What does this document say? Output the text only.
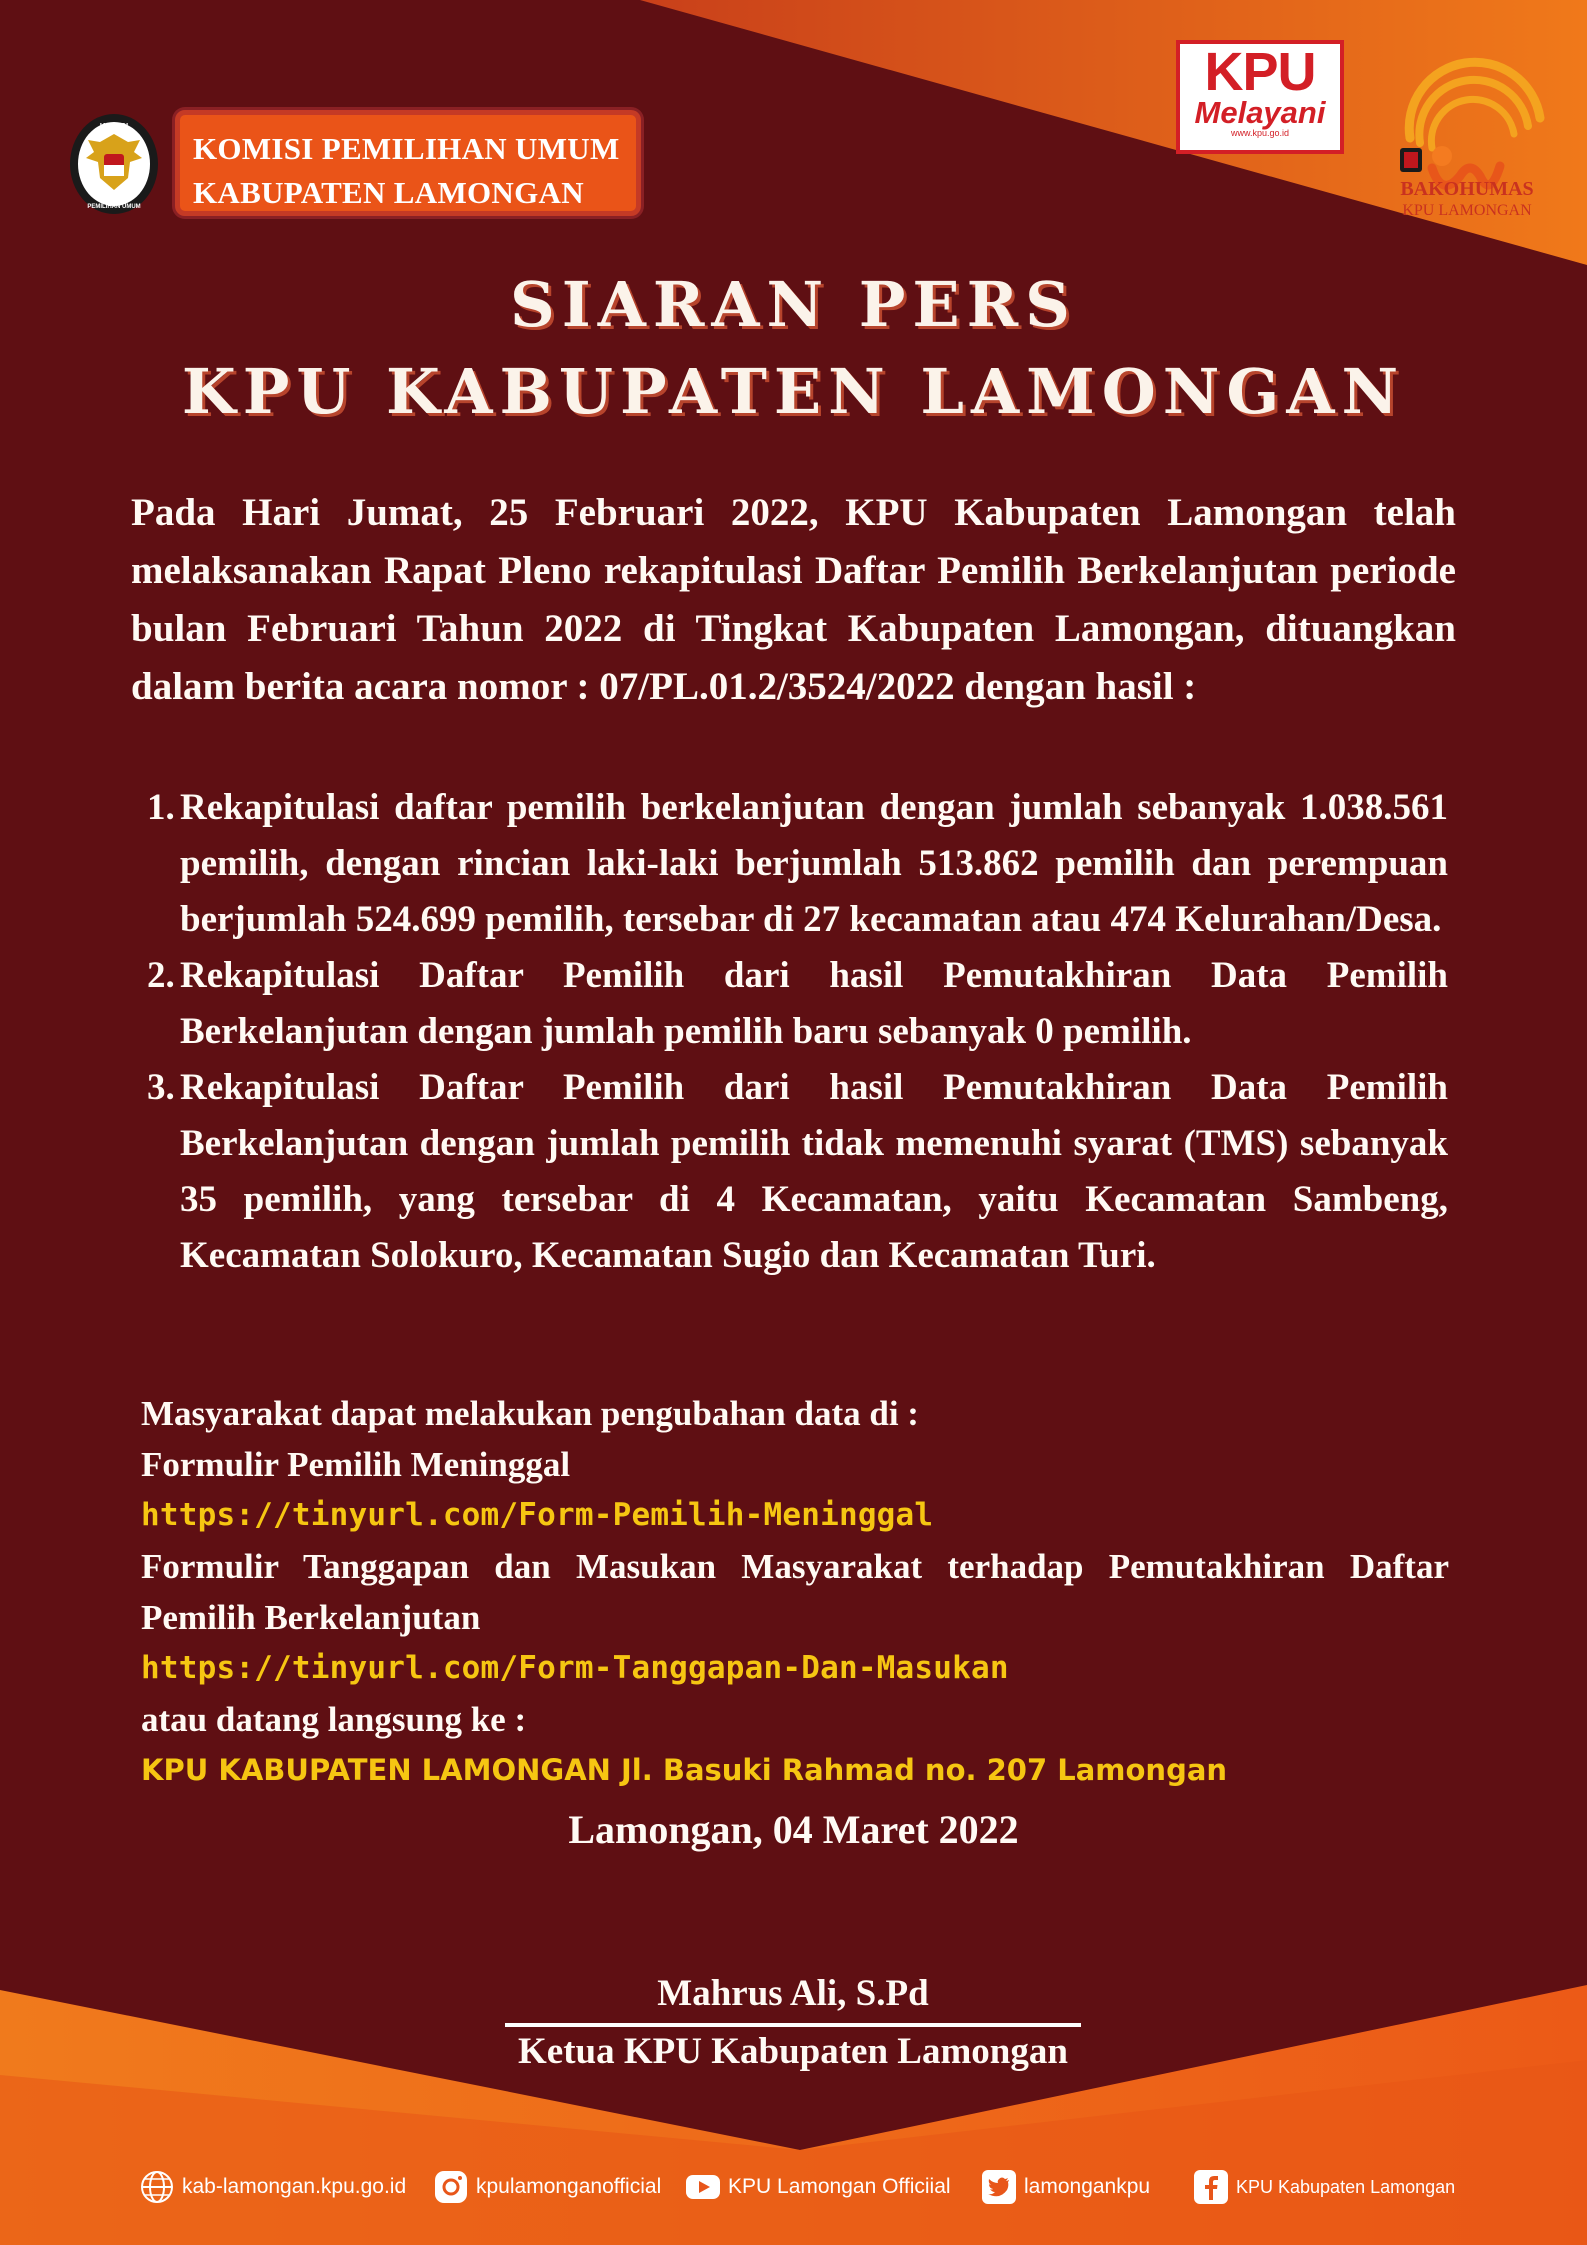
KOMISI
PEMILIHAN UMUM
KOMISI PEMILIHAN UMUM
KABUPATEN LAMONGAN
KPU
Melayani
www.kpu.go.id
BAKOHUMAS
KPU LAMONGAN
SIARAN PERS
KPU KABUPATEN LAMONGAN
Pada Hari Jumat, 25 Februari 2022, KPU Kabupaten Lamongan telah melaksanakan Rapat Pleno rekapitulasi Daftar Pemilih Berkelanjutan periode bulan Februari Tahun 2022 di Tingkat Kabupaten Lamongan, dituangkan dalam berita acara nomor : 07/PL.01.2/3524/2022 dengan hasil :
1. Rekapitulasi daftar pemilih berkelanjutan dengan jumlah sebanyak 1.038.561 pemilih, dengan rincian laki-laki berjumlah 513.862 pemilih dan perempuan berjumlah 524.699 pemilih, tersebar di 27 kecamatan atau 474 Kelurahan/Desa.
2. Rekapitulasi Daftar Pemilih dari hasil Pemutakhiran Data Pemilih Berkelanjutan dengan jumlah pemilih baru sebanyak 0 pemilih.
3. Rekapitulasi Daftar Pemilih dari hasil Pemutakhiran Data Pemilih Berkelanjutan dengan jumlah pemilih tidak memenuhi syarat (TMS) sebanyak 35 pemilih, yang tersebar di 4 Kecamatan, yaitu Kecamatan Sambeng, Kecamatan Solokuro, Kecamatan Sugio dan Kecamatan Turi.
Masyarakat dapat melakukan pengubahan data di :
Formulir Pemilih Meninggal
https://tinyurl.com/Form-Pemilih-Meninggal
Formulir Tanggapan dan Masukan Masyarakat terhadap Pemutakhiran Daftar Pemilih Berkelanjutan
https://tinyurl.com/Form-Tanggapan-Dan-Masukan
atau datang langsung ke :
KPU KABUPATEN LAMONGAN Jl. Basuki Rahmad no. 207 Lamongan
Lamongan, 04 Maret 2022
Mahrus Ali, S.Pd
Ketua KPU Kabupaten Lamongan
kab-lamongan.kpu.go.id	kpulamonganofficial	KPU Lamongan Officiial	lamongankpu	KPU Kabupaten Lamongan
